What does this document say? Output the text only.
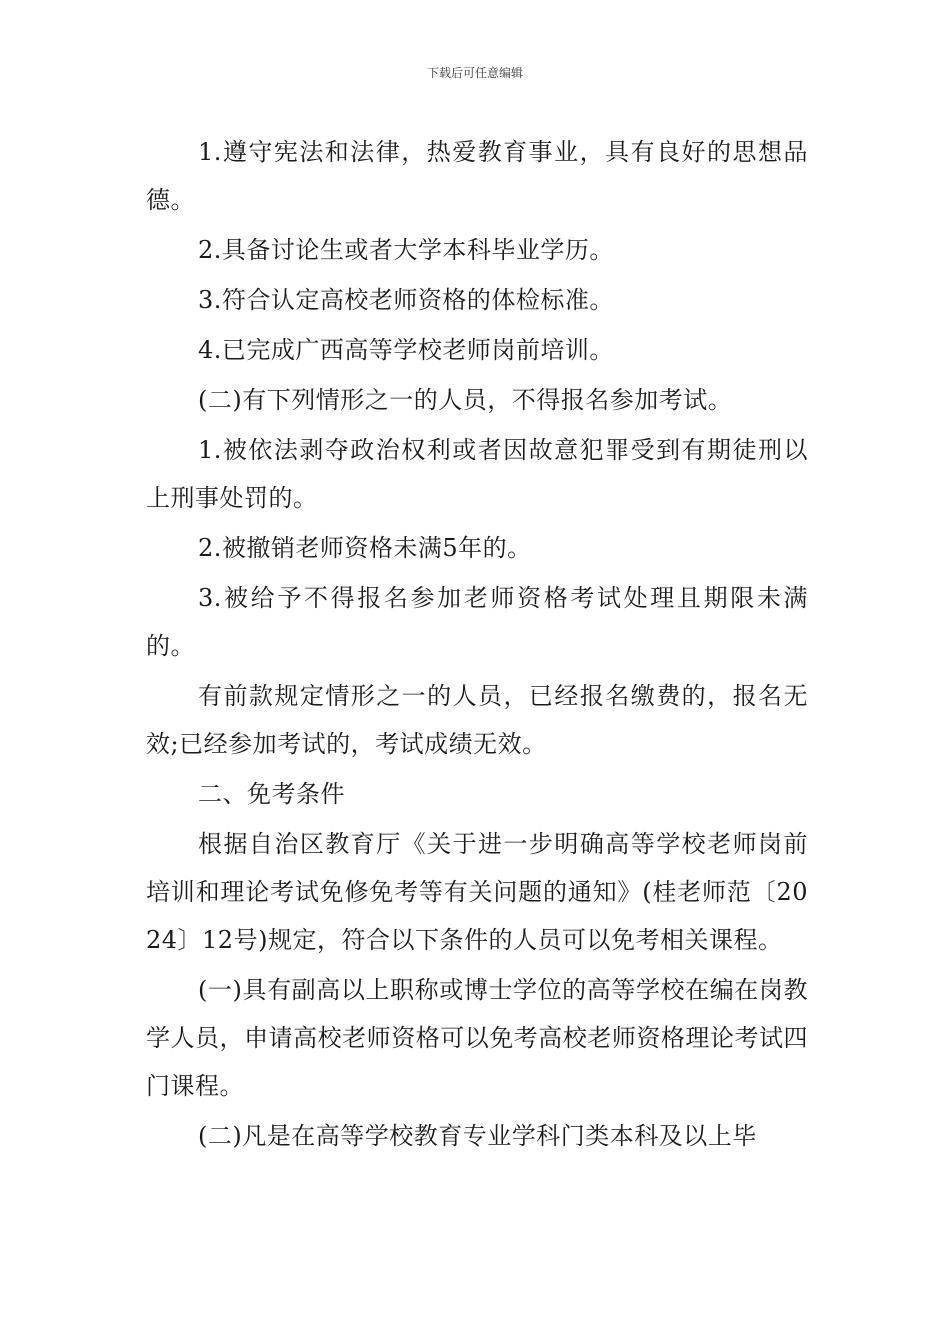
下载后可任意编辑

1.遵守宪法和法律，热爱教育事业，具有良好的思想品德。

2.具备讨论生或者大学本科毕业学历。

3.符合认定高校老师资格的体检标准。

4.已完成广西高等学校老师岗前培训。

(二)有下列情形之一的人员，不得报名参加考试。

1.被依法剥夺政治权利或者因故意犯罪受到有期徒刑以上刑事处罚的。

2.被撤销老师资格未满5年的。

3.被给予不得报名参加老师资格考试处理且期限未满的。

有前款规定情形之一的人员，已经报名缴费的，报名无效;已经参加考试的，考试成绩无效。

二、免考条件

根据自治区教育厅《关于进一步明确高等学校老师岗前培训和理论考试免修免考等有关问题的通知》(桂老师范〔2024〕12号)规定，符合以下条件的人员可以免考相关课程。

(一)具有副高以上职称或博士学位的高等学校在编在岗教学人员，申请高校老师资格可以免考高校老师资格理论考试四门课程。

(二)凡是在高等学校教育专业学科门类本科及以上毕
